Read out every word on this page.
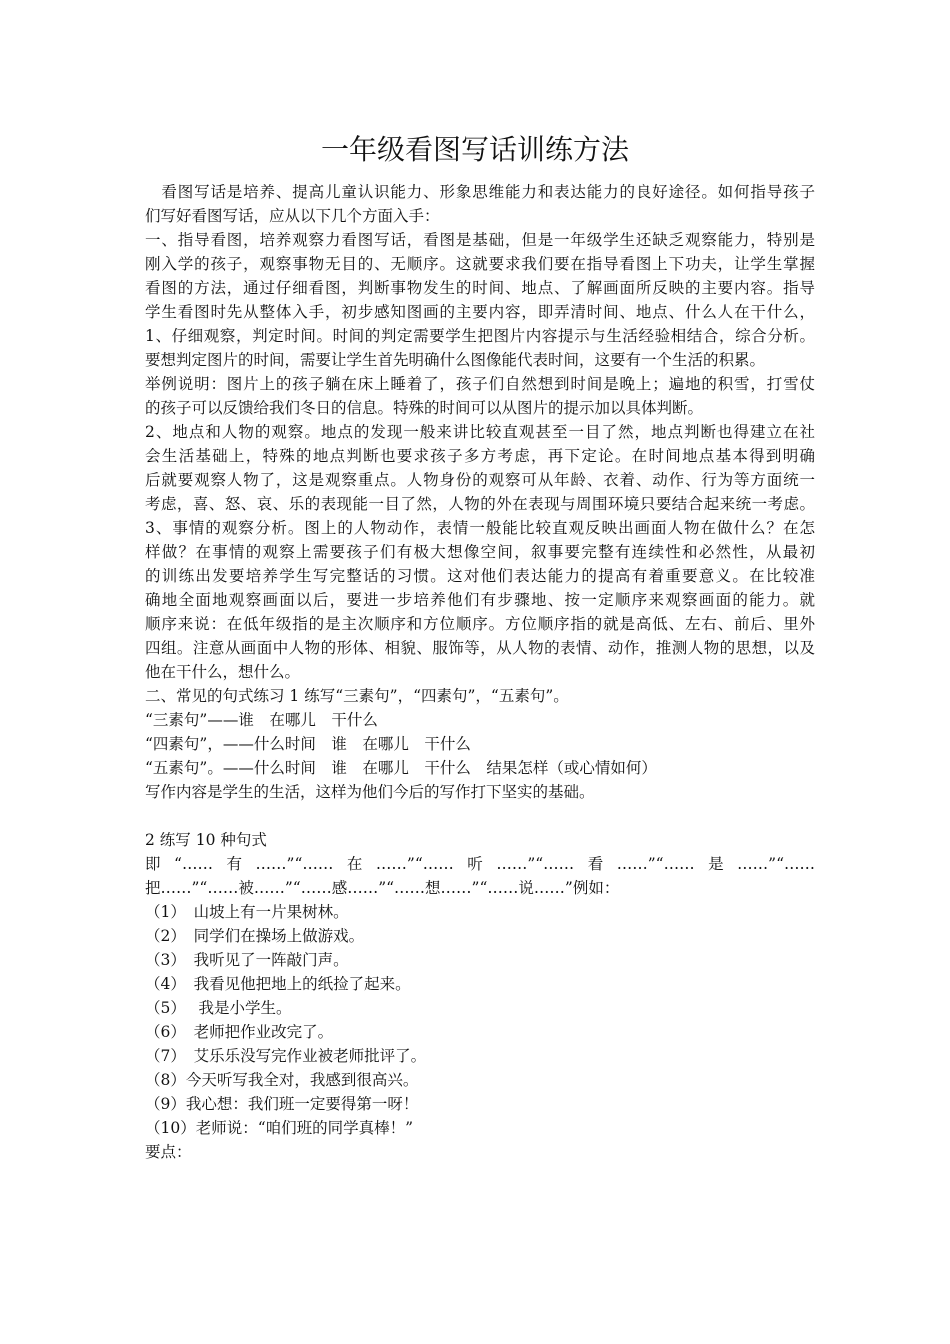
一年级看图写话训练方法

　看图写话是培养、提高儿童认识能力、形象思维能力和表达能力的良好途径。如何指导孩子

们写好看图写话，应从以下几个方面入手：

一、指导看图，培养观察力看图写话，看图是基础，但是一年级学生还缺乏观察能力，特别是

刚入学的孩子，观察事物无目的、无顺序。这就要求我们要在指导看图上下功夫，让学生掌握

看图的方法，通过仔细看图，判断事物发生的时间、地点、了解画面所反映的主要内容。指导

学生看图时先从整体入手，初步感知图画的主要内容，即弄清时间、地点、什么人在干什么，

1、仔细观察，判定时间。时间的判定需要学生把图片内容提示与生活经验相结合，综合分析。

要想判定图片的时间，需要让学生首先明确什么图像能代表时间，这要有一个生活的积累。

举例说明：图片上的孩子躺在床上睡着了，孩子们自然想到时间是晚上；遍地的积雪，打雪仗

的孩子可以反馈给我们冬日的信息。特殊的时间可以从图片的提示加以具体判断。

2、地点和人物的观察。地点的发现一般来讲比较直观甚至一目了然，地点判断也得建立在社

会生活基础上，特殊的地点判断也要求孩子多方考虑，再下定论。在时间地点基本得到明确

后就要观察人物了，这是观察重点。人物身份的观察可从年龄、衣着、动作、行为等方面统一

考虑，喜、怒、哀、乐的表现能一目了然，人物的外在表现与周围环境只要结合起来统一考虑。

3、事情的观察分析。图上的人物动作，表情一般能比较直观反映出画面人物在做什么？在怎

样做？在事情的观察上需要孩子们有极大想像空间，叙事要完整有连续性和必然性，从最初

的训练出发要培养学生写完整话的习惯。这对他们表达能力的提高有着重要意义。在比较准

确地全面地观察画面以后，要进一步培养他们有步骤地、按一定顺序来观察画面的能力。就

顺序来说：在低年级指的是主次顺序和方位顺序。方位顺序指的就是高低、左右、前后、里外

四组。注意从画面中人物的形体、相貌、服饰等，从人物的表情、动作，推测人物的思想，以及

他在干什么，想什么。

二、常见的句式练习 1 练写“三素句”，“四素句”，“五素句”。

“三素句”——谁　在哪儿　干什么

“四素句”，——什么时间　谁　在哪儿　干什么

“五素句”。——什么时间　谁　在哪儿　干什么　结果怎样（或心情如何）

写作内容是学生的生活，这样为他们今后的写作打下坚实的基础。

2 练写 10 种句式

即“……有……”“……在……”“……听……”“……看……”“……是……”“……

把……”“……被……”“……感……”“……想……”“……说……”例如：

（1）　山坡上有一片果树林。

（2）　同学们在操场上做游戏。

（3）　我听见了一阵敲门声。

（4）　我看见他把地上的纸捡了起来。

（5）　 我是小学生。

（6）　老师把作业改完了。

（7）　艾乐乐没写完作业被老师批评了。

（8）今天听写我全对，我感到很高兴。

（9）我心想：我们班一定要得第一呀！

（10）老师说：“咱们班的同学真棒！”

要点：
